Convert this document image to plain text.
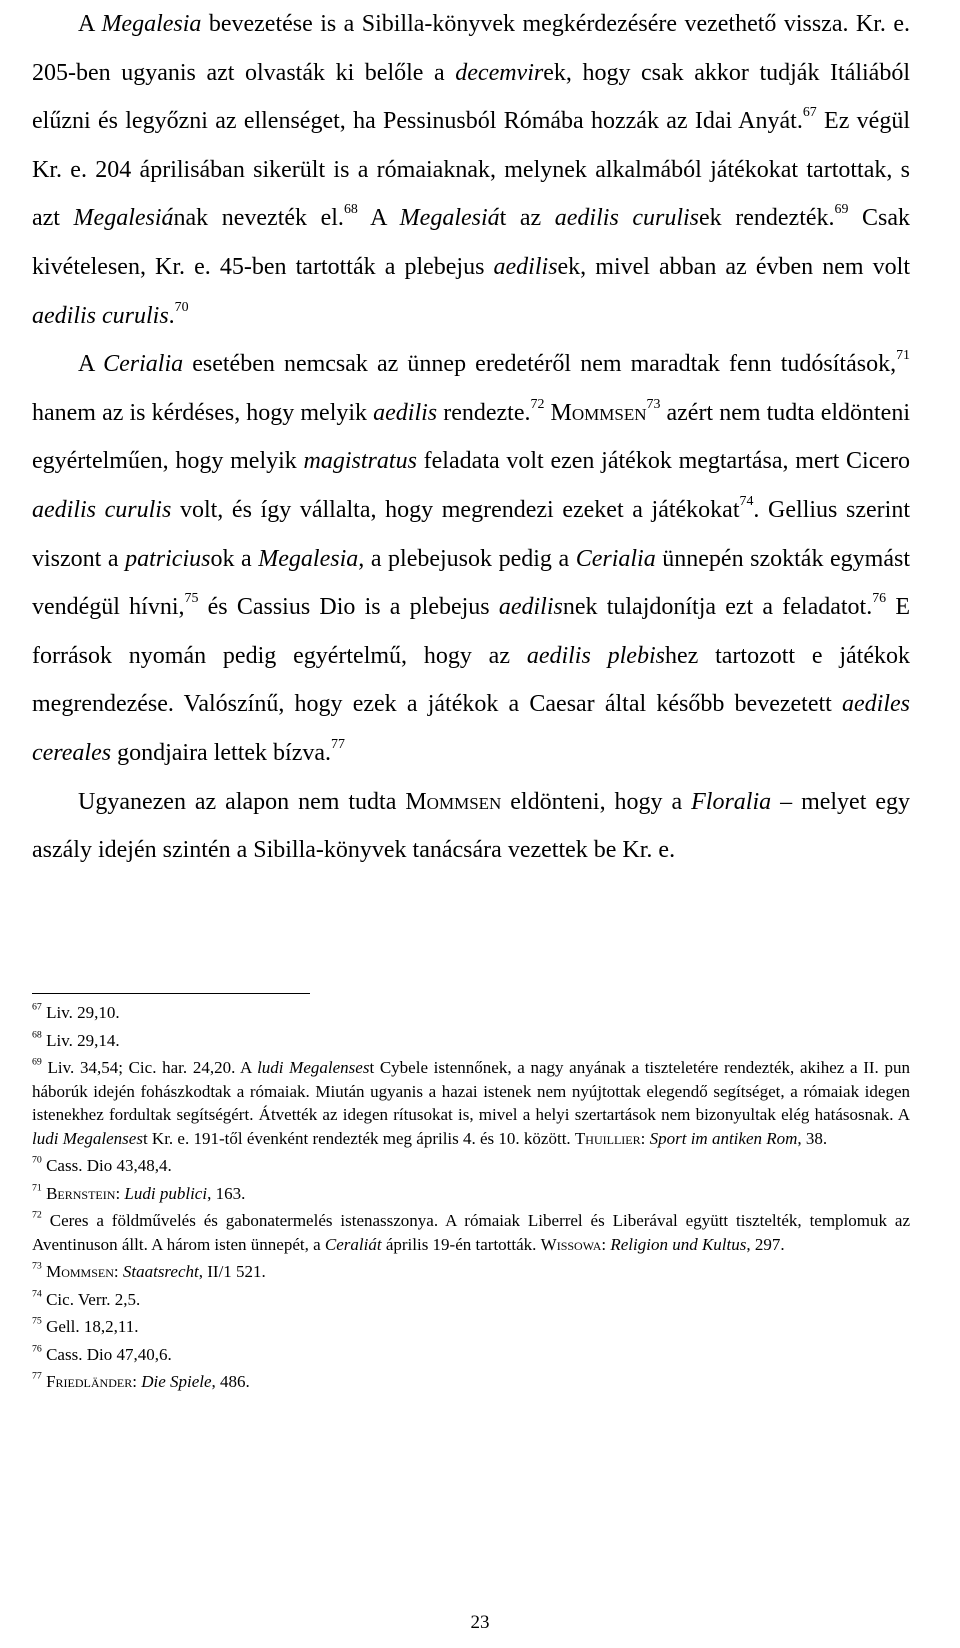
A Megalesia bevezetése is a Sibilla-könyvek megkérdezésére vezethető vissza. Kr. e. 205-ben ugyanis azt olvasták ki belőle a decemvirek, hogy csak akkor tudják Itáliából elűzni és legyőzni az ellenséget, ha Pessinusból Rómába hozzák az Idai Anyát.$^{67}$ Ez végül Kr. e. 204 áprilisában sikerült is a rómaiaknak, melynek alkalmából játékokat tartottak, s azt Megalesiának nevezték el.$^{68}$ A Megalesiát az aedilis curulisek rendezték.$^{69}$ Csak kivételesen, Kr. e. 45-ben tartották a plebejus aedilisek, mivel abban az évben nem volt aedilis curulis.$^{70}$

A Cerialia esetében nemcsak az ünnep eredetéről nem maradtak fenn tudósítások,$^{71}$ hanem az is kérdéses, hogy melyik aedilis rendezte.$^{72}$ Mommsen$^{73}$ azért nem tudta eldönteni egyértelműen, hogy melyik magistratus feladata volt ezen játékok megtartása, mert Cicero aedilis curulis volt, és így vállalta, hogy megrendezi ezeket a játékokat$^{74}$. Gellius szerint viszont a patriciusok a Megalesia, a plebejusok pedig a Cerialia ünnepén szokták egymást vendégül hívni,$^{75}$ és Cassius Dio is a plebejus aedilisnek tulajdonítja ezt a feladatot.$^{76}$ E források nyomán pedig egyértelmű, hogy az aedilis plebishez tartozott e játékok megrendezése. Valószínű, hogy ezek a játékok a Caesar által később bevezetett aediles cereales gondjaira lettek bízva.$^{77}$

Ugyanezen az alapon nem tudta Mommsen eldönteni, hogy a Floralia – melyet egy aszály idején szintén a Sibilla-könyvek tanácsára vezettek be Kr. e.

$^{67}$ Liv. 29,10.

$^{68}$ Liv. 29,14.

$^{69}$ Liv. 34,54; Cic. har. 24,20. A ludi Megalensest Cybele istennőnek, a nagy anyának a tiszteletére rendezték, akihez a II. pun háborúk idején fohászkodtak a rómaiak. Miután ugyanis a hazai istenek nem nyújtottak elegendő segítséget, a rómaiak idegen istenekhez fordultak segítségért. Átvették az idegen rítusokat is, mivel a helyi szertartások nem bizonyultak elég hatásosnak. A ludi Megalensest Kr. e. 191-től évenként rendezték meg április 4. és 10. között. Thuillier: Sport im antiken Rom, 38.

$^{70}$ Cass. Dio 43,48,4.

$^{71}$ Bernstein: Ludi publici, 163.

$^{72}$ Ceres a földművelés és gabonatermelés istenasszonya. A rómaiak Liberrel és Liberával együtt tisztelték, templomuk az Aventinuson állt. A három isten ünnepét, a Ceraliát április 19-én tartották. Wissowa: Religion und Kultus, 297.

$^{73}$ Mommsen: Staatsrecht, II/1 521.

$^{74}$ Cic. Verr. 2,5.

$^{75}$ Gell. 18,2,11.

$^{76}$ Cass. Dio 47,40,6.

$^{77}$ Friedländer: Die Spiele, 486.

23
